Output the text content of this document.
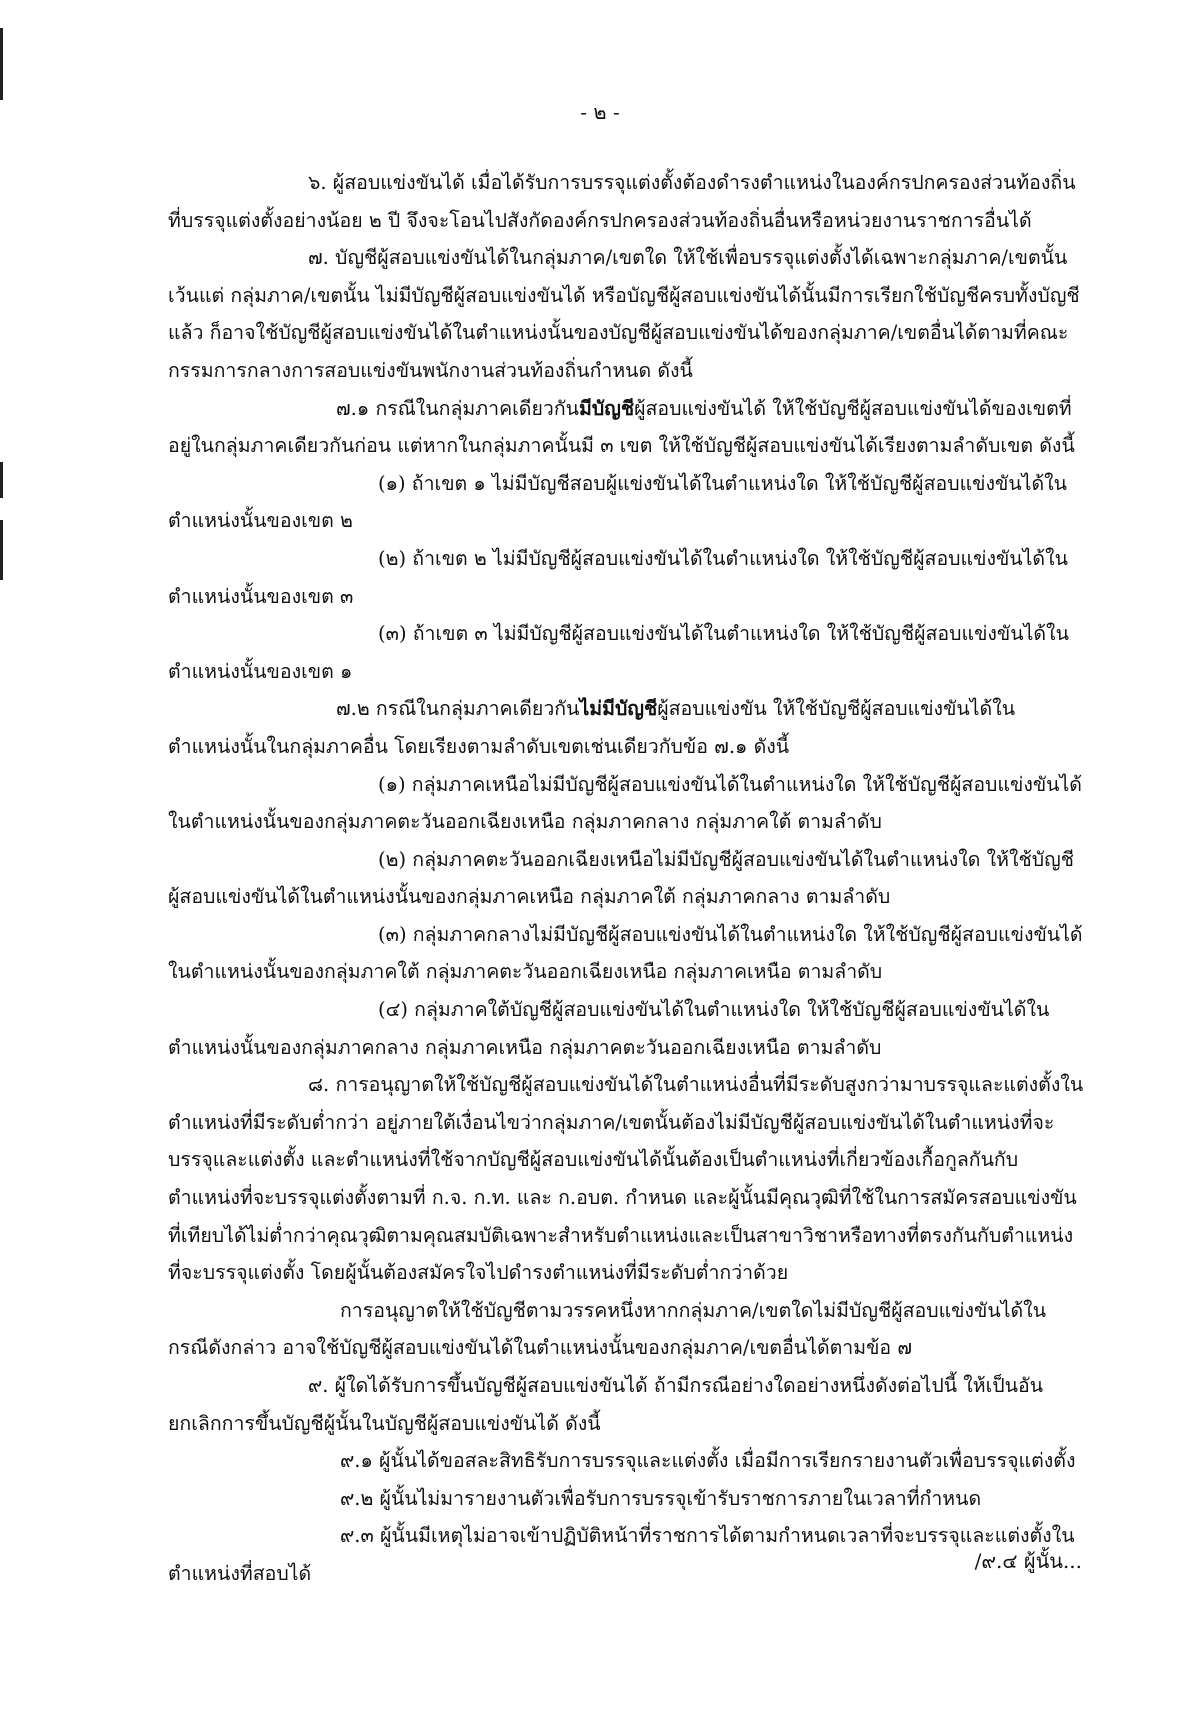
- ๒ -

๖. ผู้สอบแข่งขันได้ เมื่อได้รับการบรรจุแต่งตั้งต้องดำรงตำแหน่งในองค์กรปกครองส่วนท้องถิ่นที่บรรจุแต่งตั้งอย่างน้อย ๒ ปี จึงจะโอนไปสังกัดองค์กรปกครองส่วนท้องถิ่นอื่นหรือหน่วยงานราชการอื่นได้

๗. บัญชีผู้สอบแข่งขันได้ในกลุ่มภาค/เขตใด ให้ใช้เพื่อบรรจุแต่งตั้งได้เฉพาะกลุ่มภาค/เขตนั้น เว้นแต่ กลุ่มภาค/เขตนั้น ไม่มีบัญชีผู้สอบแข่งขันได้ หรือบัญชีผู้สอบแข่งขันได้นั้นมีการเรียกใช้บัญชีครบทั้งบัญชีแล้ว ก็อาจใช้บัญชีผู้สอบแข่งขันได้ในตำแหน่งนั้นของบัญชีผู้สอบแข่งขันได้ของกลุ่มภาค/เขตอื่นได้ตามที่คณะกรรมการกลางการสอบแข่งขันพนักงานส่วนท้องถิ่นกำหนด ดังนี้

๗.๑ กรณีในกลุ่มภาคเดียวกันมีบัญชีผู้สอบแข่งขันได้ ให้ใช้บัญชีผู้สอบแข่งขันได้ของเขตที่อยู่ในกลุ่มภาคเดียวกันก่อน แต่หากในกลุ่มภาคนั้นมี ๓ เขต ให้ใช้บัญชีผู้สอบแข่งขันได้เรียงตามลำดับเขต ดังนี้

(๑) ถ้าเขต ๑ ไม่มีบัญชีสอบผู้แข่งขันได้ในตำแหน่งใด ให้ใช้บัญชีผู้สอบแข่งขันได้ในตำแหน่งนั้นของเขต ๒

(๒) ถ้าเขต ๒ ไม่มีบัญชีผู้สอบแข่งขันได้ในตำแหน่งใด ให้ใช้บัญชีผู้สอบแข่งขันได้ในตำแหน่งนั้นของเขต ๓

(๓) ถ้าเขต ๓ ไม่มีบัญชีผู้สอบแข่งขันได้ในตำแหน่งใด ให้ใช้บัญชีผู้สอบแข่งขันได้ในตำแหน่งนั้นของเขต ๑

๗.๒ กรณีในกลุ่มภาคเดียวกันไม่มีบัญชีผู้สอบแข่งขัน ให้ใช้บัญชีผู้สอบแข่งขันได้ในตำแหน่งนั้นในกลุ่มภาคอื่น โดยเรียงตามลำดับเขตเช่นเดียวกับข้อ ๗.๑ ดังนี้

(๑) กลุ่มภาคเหนือไม่มีบัญชีผู้สอบแข่งขันได้ในตำแหน่งใด ให้ใช้บัญชีผู้สอบแข่งขันได้ในตำแหน่งนั้นของกลุ่มภาคตะวันออกเฉียงเหนือ กลุ่มภาคกลาง กลุ่มภาคใต้ ตามลำดับ

(๒) กลุ่มภาคตะวันออกเฉียงเหนือไม่มีบัญชีผู้สอบแข่งขันได้ในตำแหน่งใด ให้ใช้บัญชีผู้สอบแข่งขันได้ในตำแหน่งนั้นของกลุ่มภาคเหนือ กลุ่มภาคใต้ กลุ่มภาคกลาง ตามลำดับ

(๓) กลุ่มภาคกลางไม่มีบัญชีผู้สอบแข่งขันได้ในตำแหน่งใด ให้ใช้บัญชีผู้สอบแข่งขันได้ในตำแหน่งนั้นของกลุ่มภาคใต้ กลุ่มภาคตะวันออกเฉียงเหนือ กลุ่มภาคเหนือ ตามลำดับ

(๔) กลุ่มภาคใต้บัญชีผู้สอบแข่งขันได้ในตำแหน่งใด ให้ใช้บัญชีผู้สอบแข่งขันได้ในตำแหน่งนั้นของกลุ่มภาคกลาง กลุ่มภาคเหนือ กลุ่มภาคตะวันออกเฉียงเหนือ ตามลำดับ

๘. การอนุญาตให้ใช้บัญชีผู้สอบแข่งขันได้ในตำแหน่งอื่นที่มีระดับสูงกว่ามาบรรจุและแต่งตั้งในตำแหน่งที่มีระดับต่ำกว่า อยู่ภายใต้เงื่อนไขว่ากลุ่มภาค/เขตนั้นต้องไม่มีบัญชีผู้สอบแข่งขันได้ในตำแหน่งที่จะบรรจุและแต่งตั้ง และตำแหน่งที่ใช้จากบัญชีผู้สอบแข่งขันได้นั้นต้องเป็นตำแหน่งที่เกี่ยวข้องเกื้อกูลกันกับตำแหน่งที่จะบรรจุแต่งตั้งตามที่ ก.จ. ก.ท. และ ก.อบต. กำหนด และผู้นั้นมีคุณวุฒิที่ใช้ในการสมัครสอบแข่งขันที่เทียบได้ไม่ต่ำกว่าคุณวุฒิตามคุณสมบัติเฉพาะสำหรับตำแหน่งและเป็นสาขาวิชาหรือทางที่ตรงกันกับตำแหน่งที่จะบรรจุแต่งตั้ง โดยผู้นั้นต้องสมัครใจไปดำรงตำแหน่งที่มีระดับต่ำกว่าด้วย

การอนุญาตให้ใช้บัญชีตามวรรคหนึ่งหากกลุ่มภาค/เขตใดไม่มีบัญชีผู้สอบแข่งขันได้ในกรณีดังกล่าว อาจใช้บัญชีผู้สอบแข่งขันได้ในตำแหน่งนั้นของกลุ่มภาค/เขตอื่นได้ตามข้อ ๗

๙. ผู้ใดได้รับการขึ้นบัญชีผู้สอบแข่งขันได้ ถ้ามีกรณีอย่างใดอย่างหนึ่งดังต่อไปนี้ ให้เป็นอันยกเลิกการขึ้นบัญชีผู้นั้นในบัญชีผู้สอบแข่งขันได้ ดังนี้

๙.๑ ผู้นั้นได้ขอสละสิทธิรับการบรรจุและแต่งตั้ง เมื่อมีการเรียกรายงานตัวเพื่อบรรจุแต่งตั้ง

๙.๒ ผู้นั้นไม่มารายงานตัวเพื่อรับการบรรจุเข้ารับราชการภายในเวลาที่กำหนด

๙.๓ ผู้นั้นมีเหตุไม่อาจเข้าปฏิบัติหน้าที่ราชการได้ตามกำหนดเวลาที่จะบรรจุและแต่งตั้งในตำแหน่งที่สอบได้

/๙.๔ ผู้นั้น...
